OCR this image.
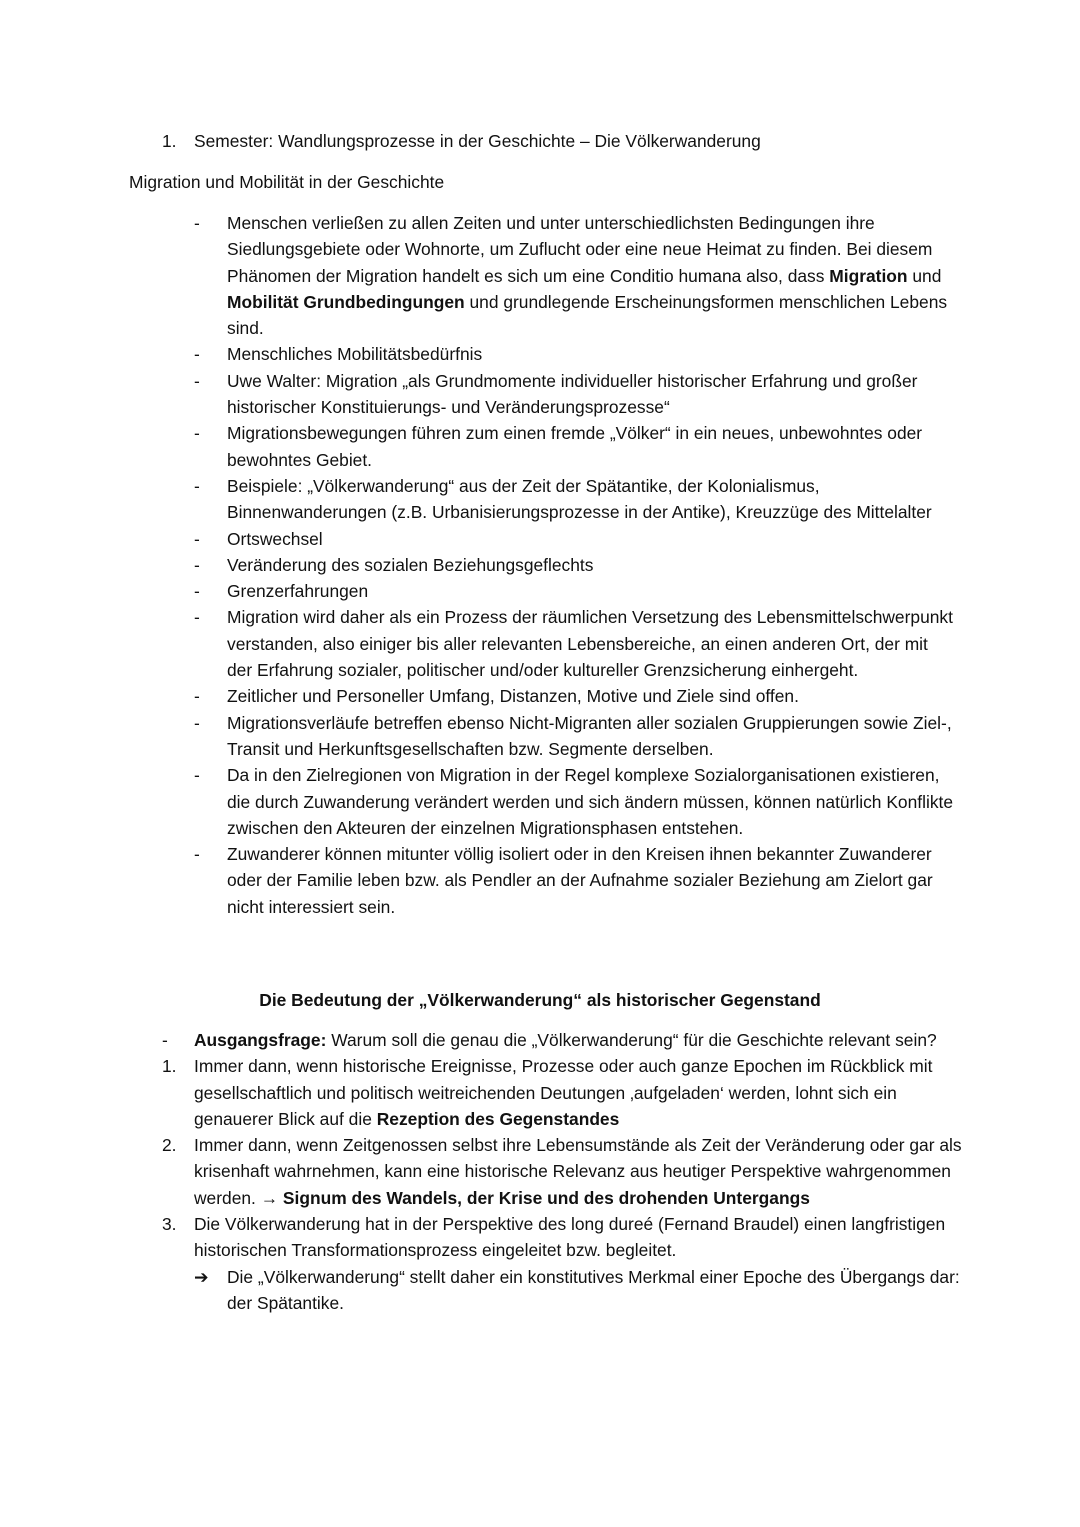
1. Semester: Wandlungsprozesse in der Geschichte – Die Völkerwanderung
Migration und Mobilität in der Geschichte
- Menschen verließen zu allen Zeiten und unter unterschiedlichsten Bedingungen ihre Siedlungsgebiete oder Wohnorte, um Zuflucht oder eine neue Heimat zu finden. Bei diesem Phänomen der Migration handelt es sich um eine Conditio humana also, dass Migration und Mobilität Grundbedingungen und grundlegende Erscheinungsformen menschlichen Lebens sind.
- Menschliches Mobilitätsbedürfnis
- Uwe Walter: Migration „als Grundmomente individueller historischer Erfahrung und großer historischer Konstituierungs- und Veränderungsprozesse“
- Migrationsbewegungen führen zum einen fremde „Völker“ in ein neues, unbewohntes oder bewohntes Gebiet.
- Beispiele: „Völkerwanderung“ aus der Zeit der Spätantike, der Kolonialismus, Binnenwanderungen (z.B. Urbanisierungsprozesse in der Antike), Kreuzzüge des Mittelalter
- Ortswechsel
- Veränderung des sozialen Beziehungsgeflechts
- Grenzerfahrungen
- Migration wird daher als ein Prozess der räumlichen Versetzung des Lebensmittelschwerpunkt verstanden, also einiger bis aller relevanten Lebensbereiche, an einen anderen Ort, der mit der Erfahrung sozialer, politischer und/oder kultureller Grenzsicherung einhergeht.
- Zeitlicher und Personeller Umfang, Distanzen, Motive und Ziele sind offen.
- Migrationsverläufe betreffen ebenso Nicht-Migranten aller sozialen Gruppierungen sowie Ziel-, Transit und Herkunftsgesellschaften bzw. Segmente derselben.
- Da in den Zielregionen von Migration in der Regel komplexe Sozialorganisationen existieren, die durch Zuwanderung verändert werden und sich ändern müssen, können natürlich Konflikte zwischen den Akteuren der einzelnen Migrationsphasen entstehen.
- Zuwanderer können mitunter völlig isoliert oder in den Kreisen ihnen bekannter Zuwanderer oder der Familie leben bzw. als Pendler an der Aufnahme sozialer Beziehung am Zielort gar nicht interessiert sein.
Die Bedeutung der „Völkerwanderung“ als historischer Gegenstand
- Ausgangsfrage: Warum soll die genau die „Völkerwanderung“ für die Geschichte relevant sein?
1. Immer dann, wenn historische Ereignisse, Prozesse oder auch ganze Epochen im Rückblick mit gesellschaftlich und politisch weitreichenden Deutungen ‚aufgeladen‘ werden, lohnt sich ein genauerer Blick auf die Rezeption des Gegenstandes
2. Immer dann, wenn Zeitgenossen selbst ihre Lebensumstände als Zeit der Veränderung oder gar als krisenhaft wahrnehmen, kann eine historische Relevanz aus heutiger Perspektive wahrgenommen werden. → Signum des Wandels, der Krise und des drohenden Untergangs
3. Die Völkerwanderung hat in der Perspektive des long dureé (Fernand Braudel) einen langfristigen historischen Transformationsprozess eingeleitet bzw. begleitet.
➔ Die „Völkerwanderung“ stellt daher ein konstitutives Merkmal einer Epoche des Übergangs dar: der Spätantike.
